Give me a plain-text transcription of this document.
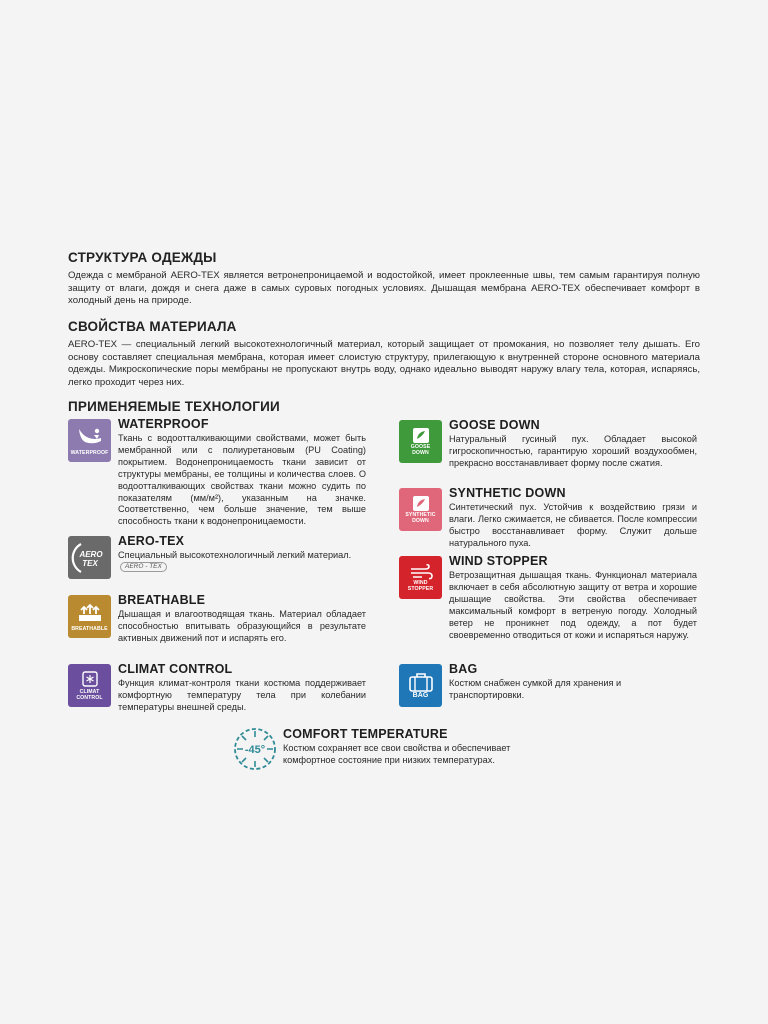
СТРУКТУРА ОДЕЖДЫ
Одежда с мембраной AERO-TEX является ветронепроницаемой и водостойкой, имеет проклеенные швы, тем самым гарантируя полную защиту от влаги, дождя и снега даже в самых суровых погодных условиях. Дышащая мембрана AERO-TEX обеспечивает комфорт в холодный день на природе.
СВОЙСТВА МАТЕРИАЛА
AERO-TEX — специальный легкий высокотехнологичный материал, который защищает от промокания, но позволяет телу дышать. Его основу составляет специальная мембрана, которая имеет слоистую структуру, прилегающую к внутренней стороне основного материала одежды. Микроскопические поры мембраны не пропускают внутрь воду, однако идеально выводят наружу влагу тела, которая, испаряясь, легко проходит через них.
ПРИМЕНЯЕМЫЕ ТЕХНОЛОГИИ
WATERPROOF
WATERPROOF
Ткань с водоотталкивающими свойствами, может быть мембранной или с полиуретановым (PU Coating) покрытием. Водонепроницаемость ткани зависит от структуры мембраны, ее толщины и количества слоев. О водоотталкивающих свойствах ткани можно судить по показателям (мм/м²), указанным на значке. Соответственно, чем больше значение, тем выше способность ткани к водонепроницаемости.
AERO
TEX
AERO-TEX
Специальный высокотехнологичный легкий материал. AERO - TEX
BREATHABLE
BREATHABLE
Дышащая и влагоотводящая ткань. Материал обладает способностью впитывать образующийся в результате активных движений пот и испарять его.
CLIMAT
CONTROL
CLIMAT CONTROL
Функция климат-контроля ткани костюма поддерживает комфортную температуру тела при колебании температуры внешней среды.
GOOSE
DOWN
GOOSE DOWN
Натуральный гусиный пух. Обладает высокой гигроскопичностью, гарантирую хороший воздухообмен, прекрасно восстанавливает форму после сжатия.
SYNTHETIC
DOWN
SYNTHETIC DOWN
Синтетический пух. Устойчив к воздействию грязи и влаги. Легко сжимается, не сбивается. После компрессии быстро восстанавливает форму. Служит дольше натурального пуха.
WIND
STOPPER
WIND STOPPER
Ветрозащитная дышащая ткань. Функционал материала включает в себя абсолютную защиту от ветра и хорошие дышащие свойства. Эти свойства обеспечивает максимальный комфорт в ветреную погоду. Холодный ветер не проникнет под одежду, а пот будет своевременно отводиться от кожи и испаряться наружу.
BAG
BAG
Костюм снабжен сумкой для хранения и транспортировки.
-45°
COMFORT TEMPERATURE
Костюм сохраняет все свои свойства и обеспечивает комфортное состояние при низких температурах.
